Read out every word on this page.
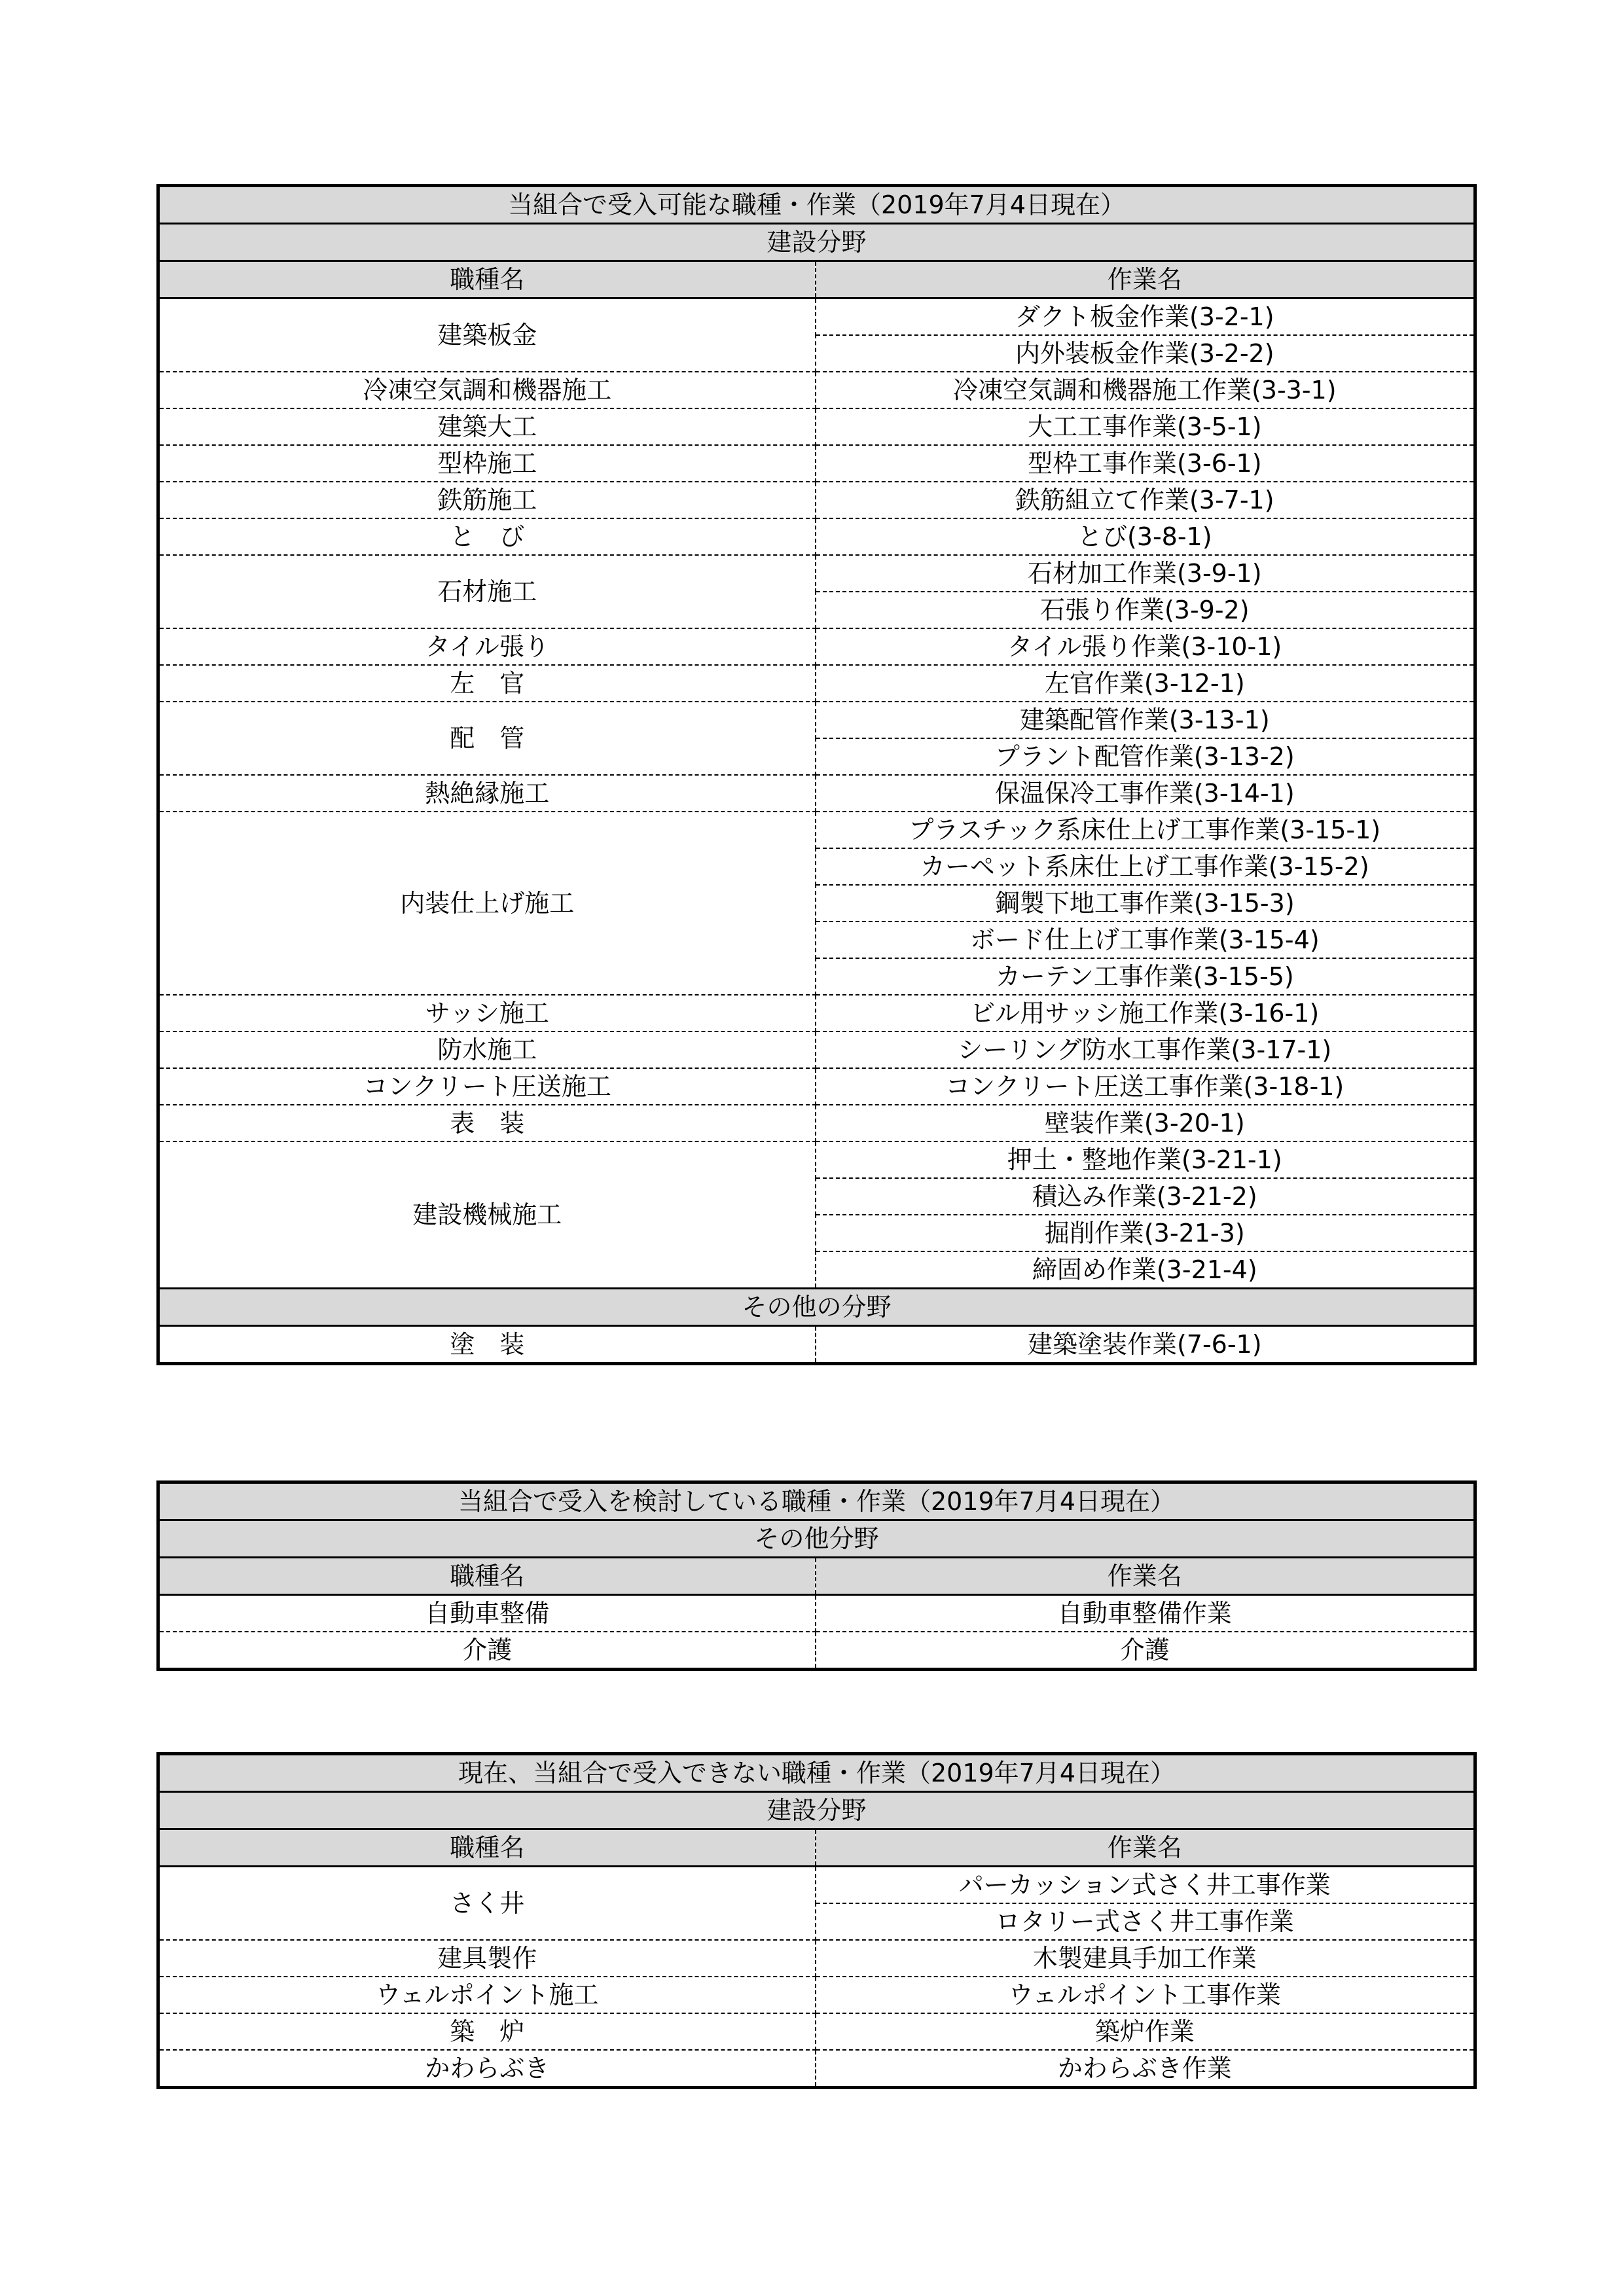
当組合で受入可能な職種・作業（2019年7月4日現在）	
建設分野	
職種名	作業名
建築板金	ダクト板金作業(3-2-1)
	内外装板金作業(3-2-2)
冷凍空気調和機器施工	冷凍空気調和機器施工作業(3-3-1)
建築大工	大工工事作業(3-5-1)
型枠施工	型枠工事作業(3-6-1)
鉄筋施工	鉄筋組立て作業(3-7-1)
と　び	とび(3-8-1)
石材施工	石材加工作業(3-9-1)
	石張り作業(3-9-2)
タイル張り	タイル張り作業(3-10-1)
左　官	左官作業(3-12-1)
配　管	建築配管作業(3-13-1)
	プラント配管作業(3-13-2)
熱絶縁施工	保温保冷工事作業(3-14-1)
内装仕上げ施工	プラスチック系床仕上げ工事作業(3-15-1)
	カーペット系床仕上げ工事作業(3-15-2)
	鋼製下地工事作業(3-15-3)
	ボード仕上げ工事作業(3-15-4)
	カーテン工事作業(3-15-5)
サッシ施工	ビル用サッシ施工作業(3-16-1)
防水施工	シーリング防水工事作業(3-17-1)
コンクリート圧送施工	コンクリート圧送工事作業(3-18-1)
表　装	壁装作業(3-20-1)
建設機械施工	押土・整地作業(3-21-1)
	積込み作業(3-21-2)
	掘削作業(3-21-3)
	締固め作業(3-21-4)
その他の分野	
塗　装	建築塗装作業(7-6-1)
当組合で受入を検討している職種・作業（2019年7月4日現在）	
その他分野	
職種名	作業名
自動車整備	自動車整備作業
介護	介護
現在、当組合で受入できない職種・作業（2019年7月4日現在）	
建設分野	
職種名	作業名
さく井	パーカッション式さく井工事作業
	ロタリー式さく井工事作業
建具製作	木製建具手加工作業
ウェルポイント施工	ウェルポイント工事作業
築　炉	築炉作業
かわらぶき	かわらぶき作業
